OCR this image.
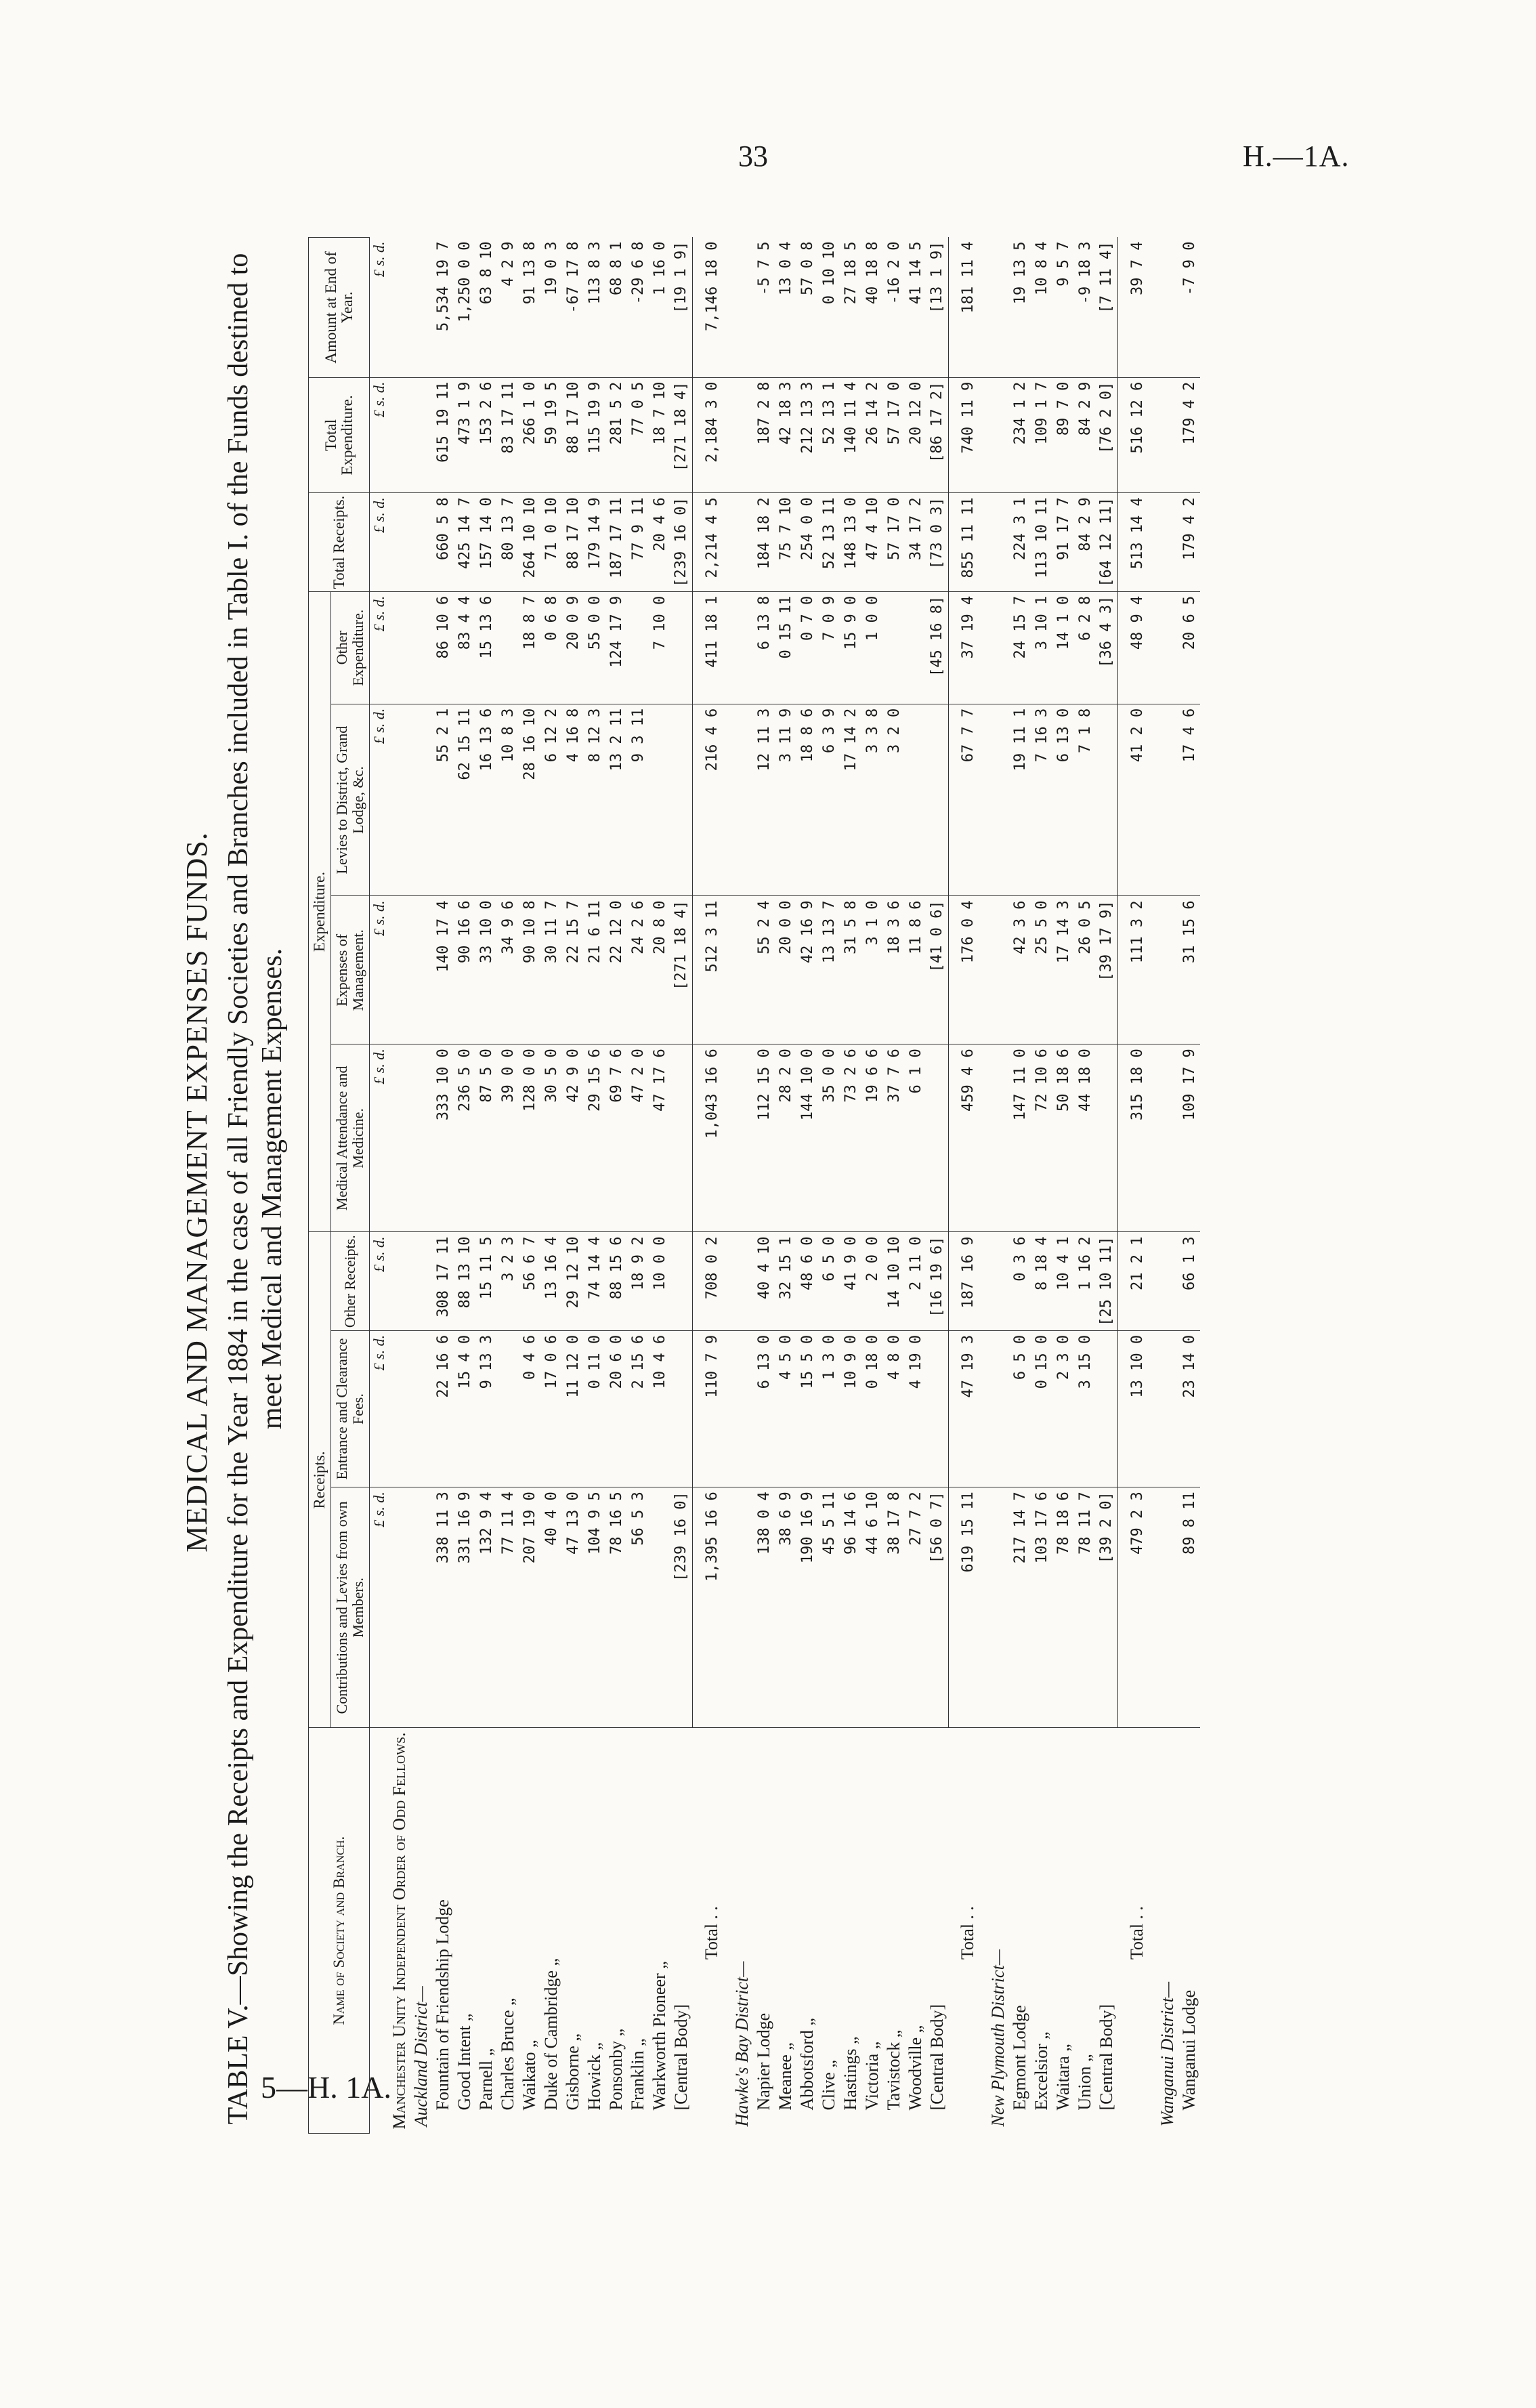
33	H.—1A.
5—H. 1A.
MEDICAL AND MANAGEMENT EXPENSES FUNDS. TABLE V.—Showing the Receipts and Expenditure for the Year 1884 in the case of all Friendly Societies and Branches included in Table I. of the Funds destined to meet Medical and Management Expenses.
Name of Society and Branch.	Receipts.			Expenditure.				Total Receipts.	Total Expenditure.	Amount at End of Year.
	Contributions and Levies from own Members.	Entrance and Clearance Fees.	Other Receipts.	Medical Attendance and Medicine.	Expenses of Management.	Levies to District, Grand Lodge, &c.	Other Expenditure.			
	£ s. d.	£ s. d.	£ s. d.	£ s. d.	£ s. d.	£ s. d.	£ s. d.	£ s. d.	£ s. d.	£ s. d.
Manchester Unity Independent Order of Odd Fellows.										
Auckland District—										
Fountain of Friendship Lodge	338 11 3	22 16 6	308 17 11	333 10 0	140 17 4	55 2 1	86 10 6	660 5 8	615 19 11	5,534 19 7
Good Intent „	331 16 9	15 4 0	88 13 10	236 5 0	90 16 6	62 15 11	83 4 4	425 14 7	473 1 9	1,250 0 0
Parnell „	132 9 4	9 13 3	15 11 5	87 5 0	33 10 0	16 13 6	15 13 6	157 14 0	153 2 6	63 8 10
Charles Bruce „	77 11 4		3 2 3	39 0 0	34 9 6	10 8 3		80 13 7	83 17 11	4 2 9
Waikato „	207 19 0	0 4 6	56 6 7	128 0 0	90 10 8	28 16 10	18 8 7	264 10 10	266 1 0	91 13 8
Duke of Cambridge „	40 4 0	17 0 6	13 16 4	30 5 0	30 11 7	6 12 2	0 6 8	71 0 10	59 19 5	19 0 3
Gisborne „	47 13 0	11 12 0	29 12 10	42 9 0	22 15 7	4 16 8	20 0 9	88 17 10	88 17 10	-67 17 8
Howick „	104 9 5	0 11 0	74 14 4	29 15 6	21 6 11	8 12 3	55 0 0	179 14 9	115 19 9	113 8 3
Ponsonby „	78 16 5	20 6 0	88 15 6	69 7 6	22 12 0	13 2 11	124 17 9	187 17 11	281 5 2	68 8 1
Franklin „	56 5 3	2 15 6	18 9 2	47 2 0	24 2 6	9 3 11		77 9 11	77 0 5	-29 6 8
Warkworth Pioneer „		10 4 6	10 0 0	47 17 6	20 8 0		7 10 0	20 4 6	18 7 10	1 16 0
[Central Body]	[239 16 0]				[271 18 4]			[239 16 0]	[271 18 4]	[19 1 9]
Total . .	1,395 16 6	110 7 9	708 0 2	1,043 16 6	512 3 11	216 4 6	411 18 1	2,214 4 5	2,184 3 0	7,146 18 0
Hawke's Bay District—										
Napier Lodge	138 0 4	6 13 0	40 4 10	112 15 0	55 2 4	12 11 3	6 13 8	184 18 2	187 2 8	-5 7 5
Meanee „	38 6 9	4 5 0	32 15 1	28 2 0	20 0 0	3 11 9	0 15 11	75 7 10	42 18 3	13 0 4
Abbotsford „	190 16 9	15 5 0	48 6 0	144 10 0	42 16 9	18 8 6	0 7 0	254 0 0	212 13 3	57 0 8
Clive „	45 5 11	1 3 0	6 5 0	35 0 0	13 13 7	6 3 9	7 0 9	52 13 11	52 13 1	0 10 10
Hastings „	96 14 6	10 9 0	41 9 0	73 2 6	31 5 8	17 14 2	15 9 0	148 13 0	140 11 4	27 18 5
Victoria „	44 6 10	0 18 0	2 0 0	19 6 6	3 1 0	3 3 8	1 0 0	47 4 10	26 14 2	40 18 8
Tavistock „	38 17 8	4 8 0	14 10 10	37 7 6	18 3 6	3 2 0		57 17 0	57 17 0	-16 2 0
Woodville „	27 7 2	4 19 0	2 11 0	6 1 0	11 8 6			34 17 2	20 12 0	41 14 5
[Central Body]	[56 0 7]		[16 19 6]		[41 0 6]		[45 16 8]	[73 0 3]	[86 17 2]	[13 1 9]
Total . .	619 15 11	47 19 3	187 16 9	459 4 6	176 0 4	67 7 7	37 19 4	855 11 11	740 11 9	181 11 4
New Plymouth District—										
Egmont Lodge	217 14 7	6 5 0	0 3 6	147 11 0	42 3 6	19 11 1	24 15 7	224 3 1	234 1 2	19 13 5
Excelsior „	103 17 6	0 15 0	8 18 4	72 10 6	25 5 0	7 16 3	3 10 1	113 10 11	109 1 7	10 8 4
Waitara „	78 18 6	2 3 0	10 4 1	50 18 6	17 14 3	6 13 0	14 1 0	91 17 7	89 7 0	9 5 7
Union „	78 11 7	3 15 0	1 16 2	44 18 0	26 0 5	7 1 8	6 2 8	84 2 9	84 2 9	-9 18 3
[Central Body]	[39 2 0]		[25 10 11]		[39 17 9]		[36 4 3]	[64 12 11]	[76 2 0]	[7 11 4]
Total . .	479 2 3	13 10 0	21 2 1	315 18 0	111 3 2	41 2 0	48 9 4	513 14 4	516 12 6	39 7 4
Wanganui District—										
Wanganui Lodge	89 8 11	23 14 0	66 1 3	109 17 9	31 15 6	17 4 6	20 6 5	179 4 2	179 4 2	-7 9 0
